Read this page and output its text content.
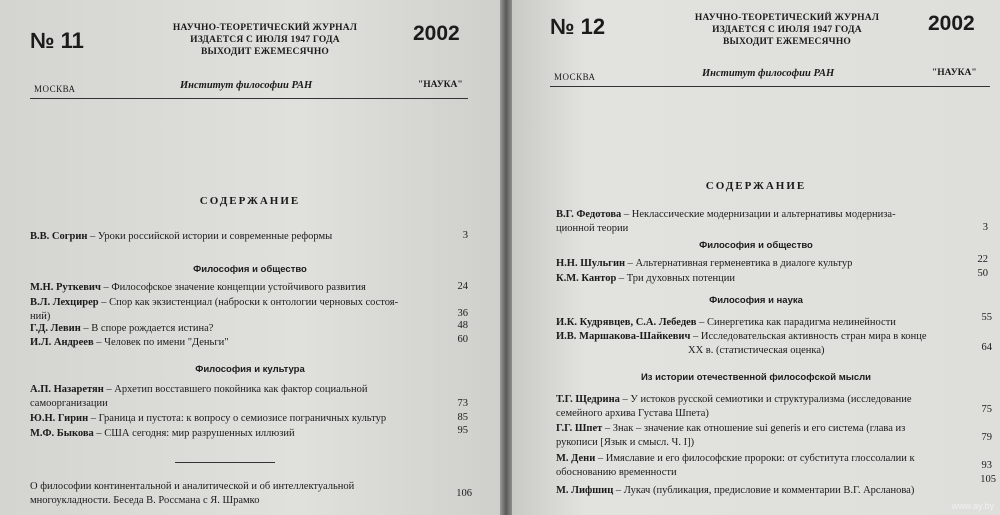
№ 11	НАУЧНО-ТЕОРЕТИЧЕСКИЙ ЖУРНАЛ
ИЗДАЕТСЯ С ИЮЛЯ 1947 ГОДА
ВЫХОДИТ ЕЖЕМЕСЯЧНО
2002
МОСКВА	Институт философии РАН	"НАУКА"
СОДЕРЖАНИЕ
В.В. Согрин – Уроки российской истории и современные реформы	3
Философия и общество
М.Н. Руткевич – Философское значение концепции устойчивого развития	24
В.Л. Лехцирер – Спор как экзистенциал (наброски к онтологии черновых состоя-
ний)	36
Г.Д. Левин – В споре рождается истина?	48
И.Л. Андреев – Человек по имени "Деньги"	60
Философия и культура
А.П. Назаретян – Архетип восставшего покойника как фактор социальной
самоорганизации	73
Ю.Н. Гирин – Граница и пустота: к вопросу о семиозисе пограничных культур	85
М.Ф. Быкова – США сегодня: мир разрушенных иллюзий	95
О философии континентальной и аналитической и об интеллектуальной
многоукладности. Беседа В. Россмана с Я. Шрамко
106
№ 12	НАУЧНО-ТЕОРЕТИЧЕСКИЙ ЖУРНАЛ
ИЗДАЕТСЯ С ИЮЛЯ 1947 ГОДА
ВЫХОДИТ ЕЖЕМЕСЯЧНО
2002
МОСКВА	Институт философии РАН	"НАУКА"
СОДЕРЖАНИЕ
В.Г. Федотова – Неклассические модернизации и альтернативы модерниза-
ционной теории	3
Философия и общество
Н.Н. Шульгин – Альтернативная герменевтика в диалоге культур	22
К.М. Кантор – Три духовных потенции	50
Философия и наука
И.К. Кудрявцев, С.А. Лебедев – Синергетика как парадигма нелинейности	55
И.В. Маршакова-Шайкевич – Исследовательская активность стран мира в конце
XX в. (статистическая оценка)	64
Из истории отечественной философской мысли
Т.Г. Щедрина – У истоков русской семиотики и структурализма (исследование
семейного архива Густава Шпета)	75
Г.Г. Шпет – Знак – значение как отношение sui generis и его система (глава из
рукописи [Язык и смысл. Ч. I])	79
М. Дени – Имяславие и его философские пророки: от субститута глоссолалии к
обоснованию временности
93
М. Лифшиц – Лукач (публикация, предисловие и комментарии В.Г. Арсланова)
105
www.ay.by
